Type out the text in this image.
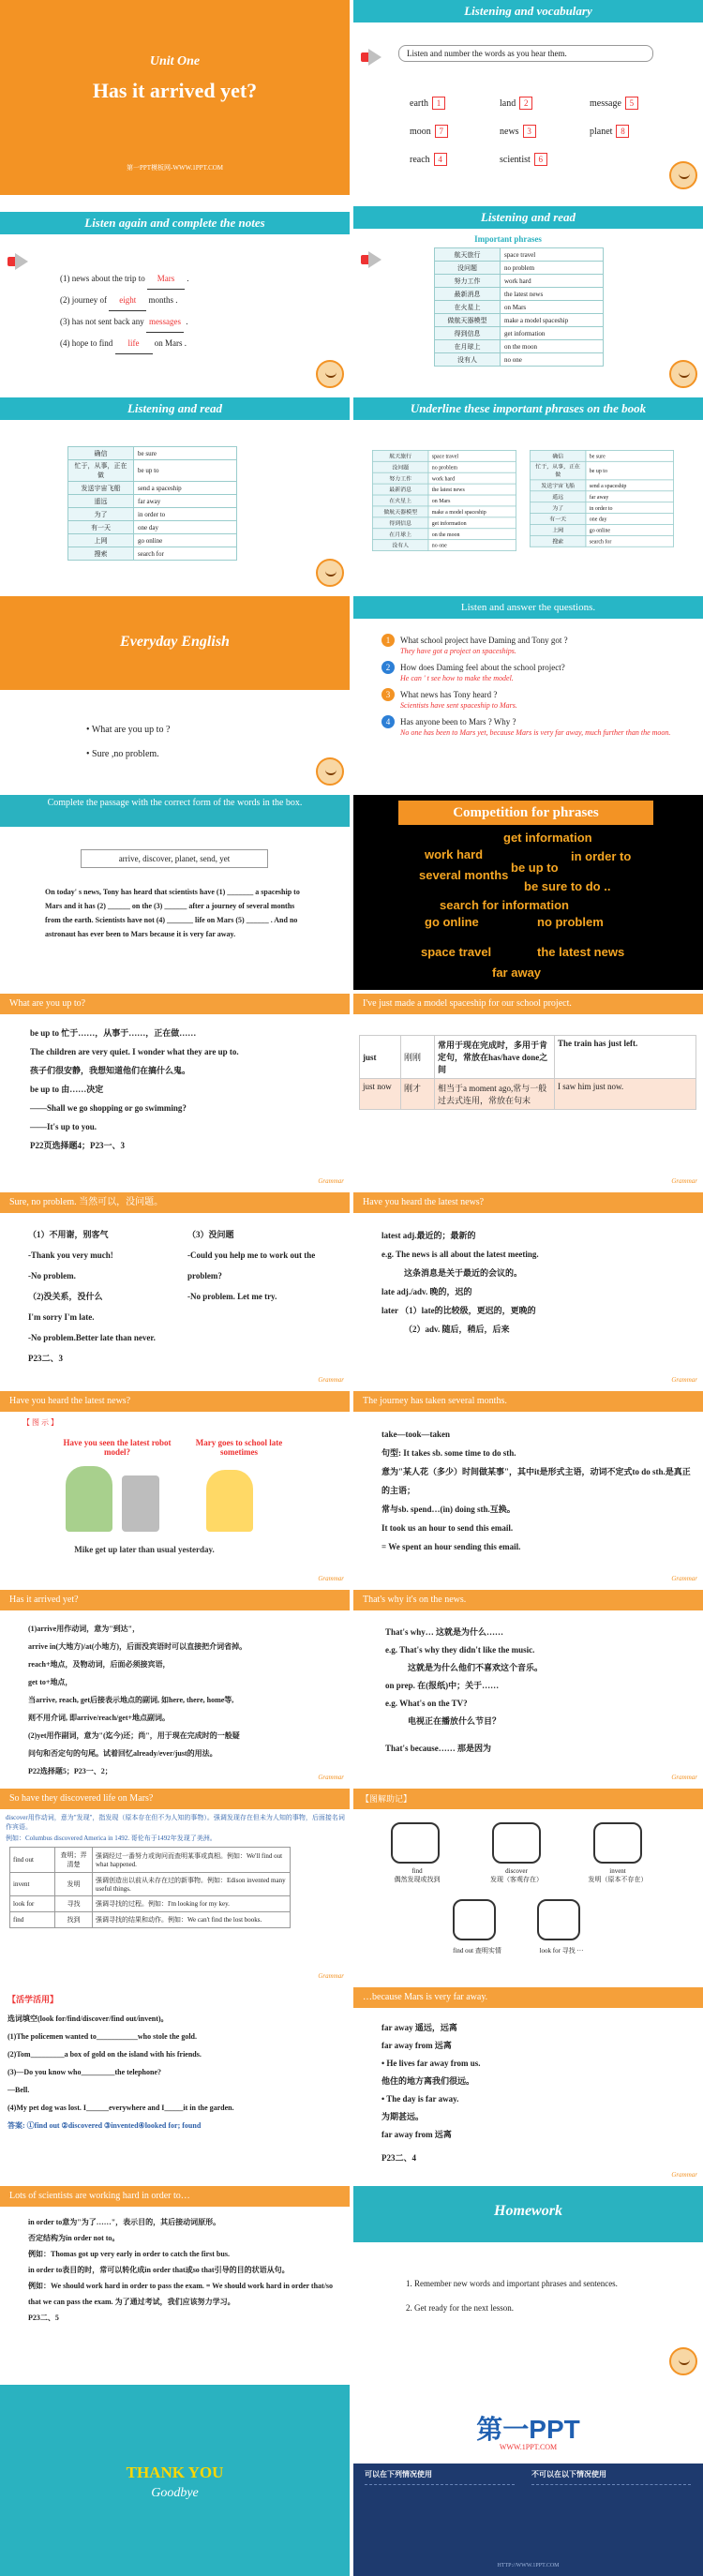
Unit One
Has it arrived yet?
第一PPT模板网-WWW.1PPT.COM
Listening and vocabulary
Listen and number the words as you hear them.
earth 1	land 2	message 5
moon 7	news 3	planet 8
reach 4	scientist 6
Listen again and complete the notes
(1) news about the trip to Mars .
(2) journey of eight months .
(3) has not sent back any messages .
(4) hope to find life on Mars .
Listening and read
Important phrases
航天旅行	space travel
没问题	no problem
努力工作	work hard
最新消息	the latest news
在火星上	on Mars
做航天器模型	make a model spaceship
得到信息	get information
在月球上	on the moon
没有人	no one
Listening and read
确信	be sure
忙于，从事，正在做	be up to
发送宇宙飞船	send a spaceship
遥远	far away
为了	in order to
有一天	one day
上网	go online
搜索	search for
Underline these important phrases on the book
航天旅行	space travel
没问题	no problem
努力工作	work hard
最新消息	the latest news
在火星上	on Mars
做航天器模型	make a model spaceship
得到信息	get information
在月球上	on the moon
没有人	no one
确信	be sure
忙于，从事，正在做	be up to
发送宇宙飞船	send a spaceship
遥远	far away
为了	in order to
有一天	one day
上网	go online
搜索	search for
Everyday English
• What are you up to ?
• Sure ,no problem.
Listen and answer the questions.
1 What school project have Daming and Tony got ?
They have got a project on spaceships.
2 How does Daming feel about the school project?
He can ' t see how to make the model.
3 What news has Tony heard ?
Scientists have sent spaceship to Mars.
4 Has anyone been to Mars ? Why ?
No one has been to Mars yet, because Mars is very far away, much further than the moon.
Complete the passage with the correct form of the words in the box.
arrive, discover, planet, send, yet
On today' s news, Tony has heard that scientists have (1) _______ a spaceship to Mars and it has (2) ______ on the (3) ______ after a journey of several months from the earth. Scientists have not (4) _______ life on Mars (5) ______ . And no astronaut has ever been to Mars because it is very far away.
Competition for phrases
get information
work hard	in order to
several months
be up to
be sure to do ..
search for information
go online	no problem
space travel	the latest news
far away
What are you up to?
be up to 忙于……，从事于……，正在做……
The children are very quiet. I wonder what they are up to.
孩子们很安静，我想知道他们在搞什么鬼。
be up to 由……决定
——Shall we go shopping or go swimming?
——It's up to you.
P22页选择题4；P23一、3
Grammar
I've just made a model spaceship for our school project.
just	刚刚	常用于现在完成时，多用于肯定句，常放在has/have done之间	The train has just left.
just now	刚才	相当于a moment ago,常与一般过去式连用，常放在句末	I saw him just now.
Grammar
Sure, no problem. 当然可以，没问题。
（1）不用谢，别客气
-Thank you very much!
-No problem.
（2)没关系，没什么
I'm sorry I'm late.
-No problem.Better late than never.
P23二、3
（3）没问题
-Could you help me to work out the
problem?
-No problem. Let me try.
Grammar
Have you heard the latest news?
latest adj.最近的；最新的
e.g. The news is all about the latest meeting.
这条消息是关于最近的会议的。
late adj./adv. 晚的，迟的
later （1）late的比较级，更迟的，更晚的
（2）adv. 随后，稍后，后来
Grammar
Have you heard the latest news?
【 图 示 】
Have you seen the latest robot model?
Mary goes to school late sometimes
Mike get up later than usual yesterday.
Grammar
The journey has taken several months.
take—took—taken
句型: It takes sb. some time to do sth.
意为"某人花（多少）时间做某事"，其中it是形式主语，动词不定式to do sth.是真正的主语；
常与sb. spend…(in) doing sth.互换。
It took us an hour to send this email.
= We spent an hour sending this email.
Grammar
Has it arrived yet?
(1)arrive用作动词，意为"到达"，
arrive in(大地方)/at(小地方)，后面没宾语时可以直接把介词省掉。
reach+地点，及物动词，后面必须接宾语，
get to+地点，
当arrive, reach, get后接表示地点的副词, 如here, there, home等,
则不用介词, 即arrive/reach/get+地点副词。
(2)yet用作副词，意为"(迄今)还；尚"，用于现在完成时的一般疑
问句和否定句的句尾。试着回忆already/ever/just的用法。
P22选择题5；P23一、2；
Grammar
That's why it's on the news.
That's why… 这就是为什么……
e.g. That's why they didn't like the music.
这就是为什么他们不喜欢这个音乐。
on prep. 在(报纸)中；关于……
e.g. What's on the TV?
电视正在播放什么节目？
That's because…… 那是因为
Grammar
So have they discovered life on Mars?
discover用作动词，意为"发现"，指发现（原本存在但不为人知的事物）。强调发现存在但未为人知的事物，后面接名词作宾语。
例如：Columbus discovered America in 1492. 哥伦布于1492年发现了美洲。
find out	查明；弄清楚	强调经过一番努力或询问而查明某事或真相。例如：We'll find out what happened.
invent	发明	强调创造出以前从未存在过的新事物。例如：Edison invented many useful things.
look for	寻找	强调寻找的过程。例如：I'm looking for my key.
find	找到	强调寻找的结果和动作。例如：We can't find the lost books.
Grammar
【图解助记】
find
偶然发现或找到
discover
发现（客观存在）
invent
发明（原本不存在）
find out 查明实情	look for 寻找 ···
【活学活用】
选词填空(look for/find/discover/find out/invent)。
(1)The policemen wanted to___________who stole the gold.
(2)Tom_________a box of gold on the island with his friends.
(3)—Do you know who_________the telephone?
—Bell.
(4)My pet dog was lost. I______everywhere and I_____it in the garden.
答案: ①find out ②discovered ③invented④looked for; found
…because Mars is very far away.
far away 遥远，远离
far away from 远离
• He lives far away from us.
他住的地方离我们很远。
• The day is far away.
为期甚远。
far away from 远离
P23二、4
Grammar
Lots of scientists are working hard in order to…
in order to意为"为了……"，表示目的，其后接动词原形。
否定结构为in order not to。
例如：Thomas got up very early in order to catch the first bus.
in order to表目的时，常可以转化成in order that或so that引导的目的状语从句。
例如：We should work hard in order to pass the exam. = We should work hard in order that/so that we can pass the exam. 为了通过考试，我们应该努力学习。
P23二、5
Homework
1. Remember new words and important phrases and sentences.
2. Get ready for the next lesson.
THANK YOU
Goodbye
第一PPT
WWW.1PPT.COM
可以在下列情况使用	不可以在以下情况使用
HTTP://WWW.1PPT.COM
